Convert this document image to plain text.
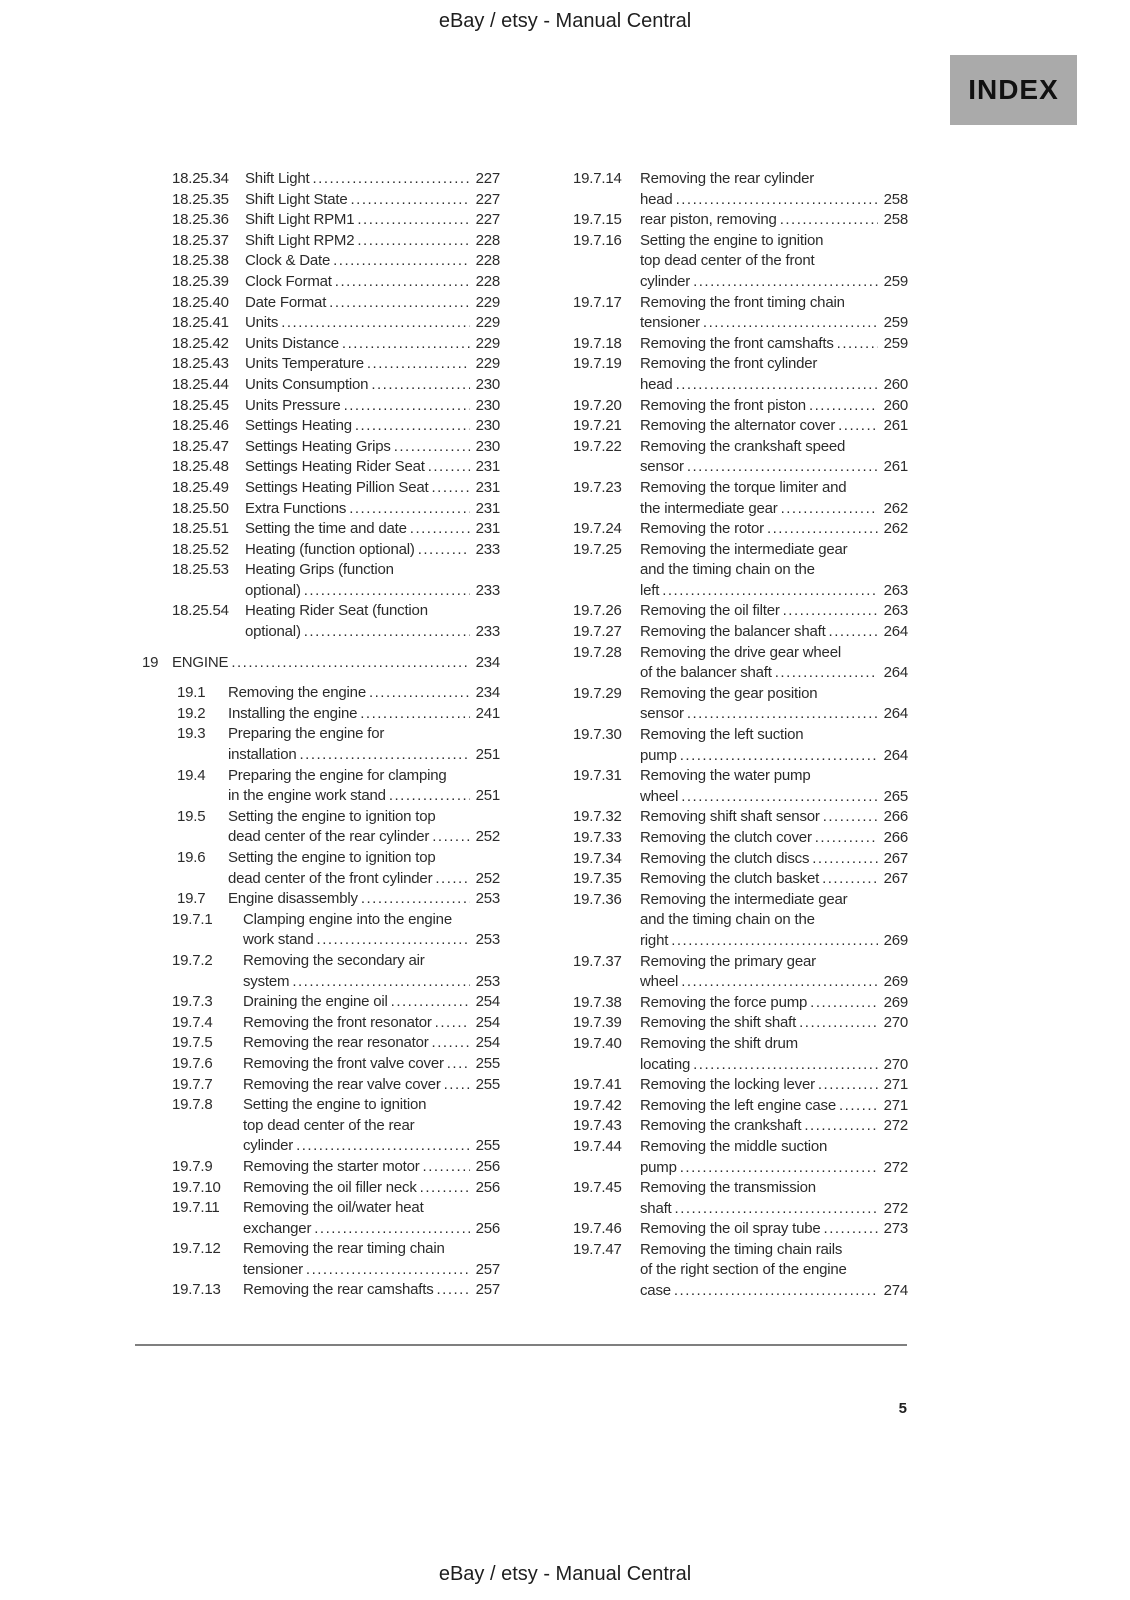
eBay / etsy - Manual Central
INDEX
18.25.34	Shift Light .....	227
18.25.35	Shift Light State .....	227
18.25.36	Shift Light RPM1 .....	227
18.25.37	Shift Light RPM2 .....	228
18.25.38	Clock & Date .....	228
18.25.39	Clock Format .....	228
18.25.40	Date Format .....	229
18.25.41	Units .....	229
18.25.42	Units Distance .....	229
18.25.43	Units Temperature .....	229
18.25.44	Units Consumption .....	230
18.25.45	Units Pressure .....	230
18.25.46	Settings Heating .....	230
18.25.47	Settings Heating Grips .....	230
18.25.48	Settings Heating Rider Seat .....	231
18.25.49	Settings Heating Pillion Seat .....	231
18.25.50	Extra Functions .....	231
18.25.51	Setting the time and date .....	231
18.25.52	Heating (function optional) .....	233
18.25.53	Heating Grips (function
optional) .....	233
18.25.54	Heating Rider Seat (function
optional) .....	233
19 ENGINE .....	234
19.1	Removing the engine .....	234
19.2	Installing the engine .....	241
19.3	Preparing the engine for
installation .....	251
19.4	Preparing the engine for clamping
in the engine work stand .....	251
19.5	Setting the engine to ignition top
dead center of the rear cylinder .....	252
19.6	Setting the engine to ignition top
dead center of the front cylinder .....	252
19.7	Engine disassembly .....	253
19.7.1	Clamping engine into the engine
work stand .....	253
19.7.2	Removing the secondary air
system .....	253
19.7.3	Draining the engine oil .....	254
19.7.4	Removing the front resonator .....	254
19.7.5	Removing the rear resonator .....	254
19.7.6	Removing the front valve cover .....	255
19.7.7	Removing the rear valve cover .....	255
19.7.8	Setting the engine to ignition
top dead center of the rear
cylinder .....	255
19.7.9	Removing the starter motor .....	256
19.7.10	Removing the oil filler neck .....	256
19.7.11	Removing the oil/water heat
exchanger .....	256
19.7.12	Removing the rear timing chain
tensioner .....	257
19.7.13	Removing the rear camshafts .....	257
19.7.14	Removing the rear cylinder
head .....	258
19.7.15	rear piston, removing .....	258
19.7.16	Setting the engine to ignition
top dead center of the front
cylinder .....	259
19.7.17	Removing the front timing chain
tensioner .....	259
19.7.18	Removing the front camshafts .....	259
19.7.19	Removing the front cylinder
head .....	260
19.7.20	Removing the front piston .....	260
19.7.21	Removing the alternator cover .....	261
19.7.22	Removing the crankshaft speed
sensor .....	261
19.7.23	Removing the torque limiter and
the intermediate gear .....	262
19.7.24	Removing the rotor .....	262
19.7.25	Removing the intermediate gear
and the timing chain on the
left .....	263
19.7.26	Removing the oil filter .....	263
19.7.27	Removing the balancer shaft .....	264
19.7.28	Removing the drive gear wheel
of the balancer shaft .....	264
19.7.29	Removing the gear position
sensor .....	264
19.7.30	Removing the left suction
pump .....	264
19.7.31	Removing the water pump
wheel .....	265
19.7.32	Removing shift shaft sensor .....	266
19.7.33	Removing the clutch cover .....	266
19.7.34	Removing the clutch discs .....	267
19.7.35	Removing the clutch basket .....	267
19.7.36	Removing the intermediate gear
and the timing chain on the
right .....	269
19.7.37	Removing the primary gear
wheel .....	269
19.7.38	Removing the force pump .....	269
19.7.39	Removing the shift shaft .....	270
19.7.40	Removing the shift drum
locating .....	270
19.7.41	Removing the locking lever .....	271
19.7.42	Removing the left engine case .....	271
19.7.43	Removing the crankshaft .....	272
19.7.44	Removing the middle suction
pump .....	272
19.7.45	Removing the transmission
shaft .....	272
19.7.46	Removing the oil spray tube .....	273
19.7.47	Removing the timing chain rails
of the right section of the engine
case .....	274
5
eBay / etsy - Manual Central
